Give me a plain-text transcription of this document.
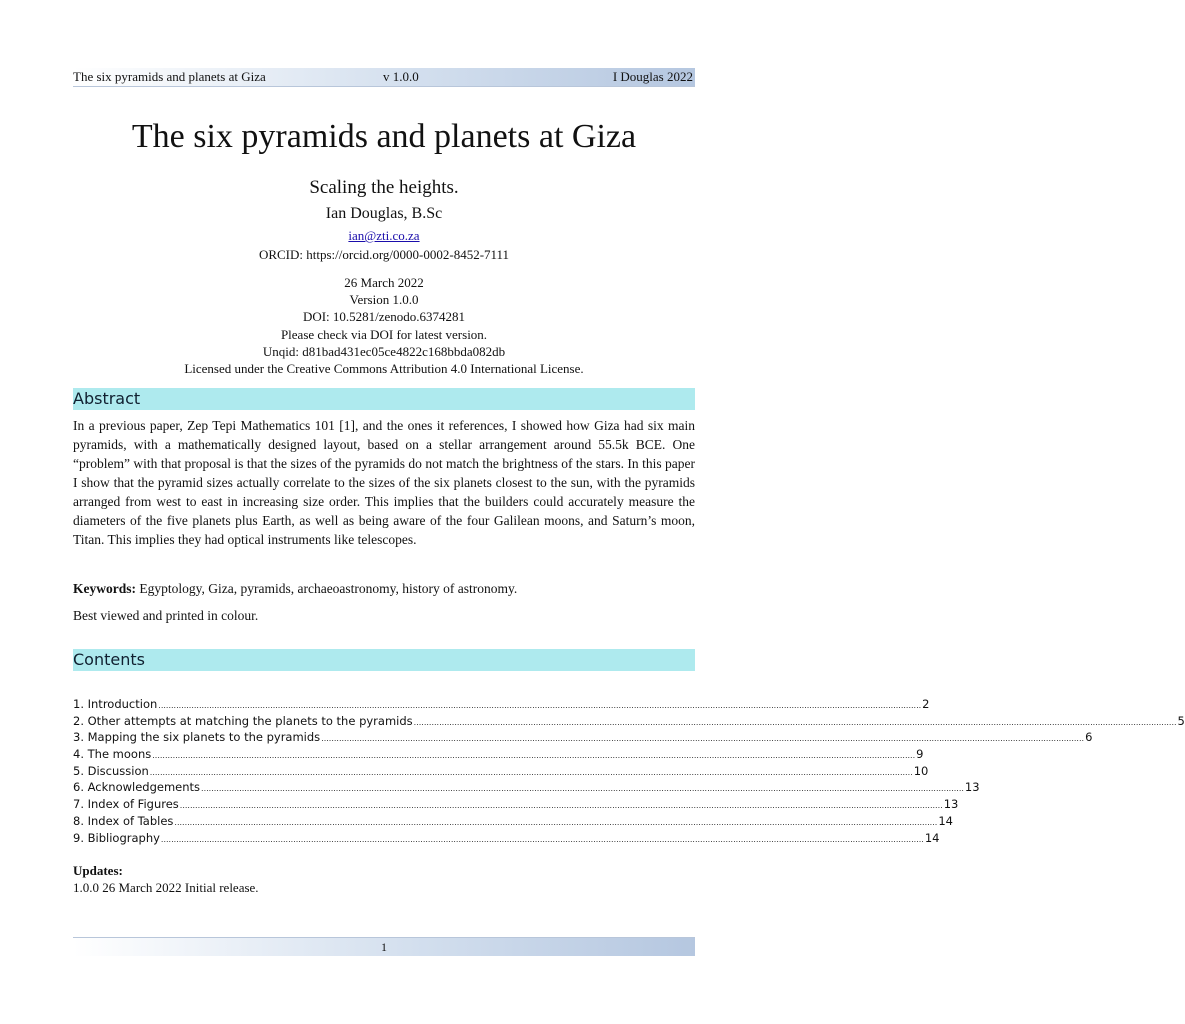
The six pyramids and planets at Giza	v 1.0.0	I Douglas 2022
The six pyramids and planets at Giza
Scaling the heights.
Ian Douglas, B.Sc
ian@zti.co.za
ORCID: https://orcid.org/0000-0002-8452-7111
26 March 2022
Version 1.0.0
DOI: 10.5281/zenodo.6374281
Please check via DOI for latest version.
Unqid: d81bad431ec05ce4822c168bbda082db
Licensed under the Creative Commons Attribution 4.0 International License.
Abstract

In a previous paper, Zep Tepi Mathematics 101 [1], and the ones it references, I showed how Giza had six main pyramids, with a mathematically designed layout, based on a stellar arrangement around 55.5k BCE. One “problem” with that proposal is that the sizes of the pyramids do not match the brightness of the stars. In this paper I show that the pyramid sizes actually correlate to the sizes of the six planets closest to the sun, with the pyramids arranged from west to east in increasing size order. This implies that the builders could accurately measure the diameters of the five planets plus Earth, as well as being aware of the four Galilean moons, and Saturn’s moon, Titan. This implies they had optical instruments like telescopes.

Keywords: Egyptology, Giza, pyramids, archaeoastronomy, history of astronomy.
Best viewed and printed in colour.
Contents
1. Introduction ............................................................................................................................................................................................................................................................................................................ 2
2. Other attempts at matching the planets to the pyramids ............................................................................................................................................................................................................................................................................................................ 5
3. Mapping the six planets to the pyramids ............................................................................................................................................................................................................................................................................................................ 6
4. The moons ............................................................................................................................................................................................................................................................................................................ 9
5. Discussion ............................................................................................................................................................................................................................................................................................................ 10
6. Acknowledgements ............................................................................................................................................................................................................................................................................................................ 13
7. Index of Figures ............................................................................................................................................................................................................................................................................................................ 13
8. Index of Tables ............................................................................................................................................................................................................................................................................................................ 14
9. Bibliography ............................................................................................................................................................................................................................................................................................................ 14
Updates:
1.0.0 26 March 2022 Initial release.
1
